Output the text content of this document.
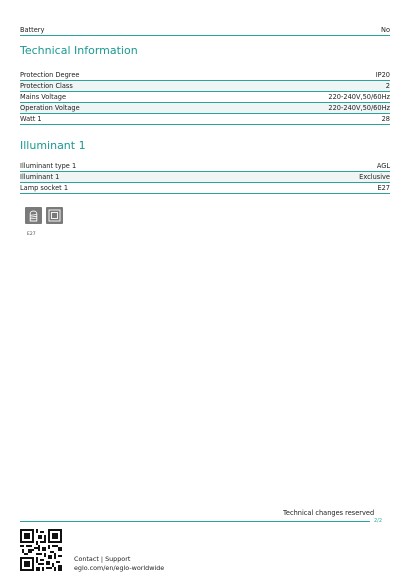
Battery	No
Technical Information
Protection Degree	IP20
Protection Class	2
Mains Voltage	220-240V,50/60Hz
Operation Voltage	220-240V,50/60Hz
Watt 1	28
Illuminant 1
Illuminant type 1	AGL
Illuminant 1	Exclusive
Lamp socket 1	E27
E27
Technical changes reserved
2/2
Contact | Support
eglo.com/en/eglo-worldwide
